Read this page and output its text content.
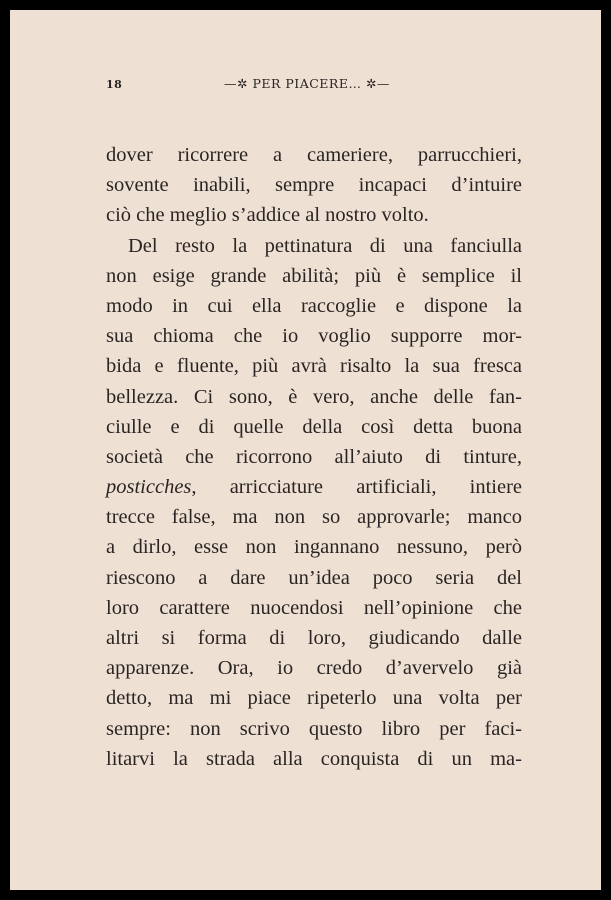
18	—✲ PER PIACERE… ✲—
dover ricorrere a cameriere, parrucchieri,
sovente inabili, sempre incapaci d’intuire
ciò che meglio s’addice al nostro volto.
Del resto la pettinatura di una fanciulla
non esige grande abilità; più è semplice il
modo in cui ella raccoglie e dispone la
sua chioma che io voglio supporre mor-
bida e fluente, più avrà risalto la sua fresca
bellezza. Ci sono, è vero, anche delle fan-
ciulle e di quelle della così detta buona
società che ricorrono all’aiuto di tinture,
posticches, arricciature artificiali, intiere
trecce false, ma non so approvarle; manco
a dirlo, esse non ingannano nessuno, però
riescono a dare un’idea poco seria del
loro carattere nuocendosi nell’opinione che
altri si forma di loro, giudicando dalle
apparenze. Ora, io credo d’avervelo già
detto, ma mi piace ripeterlo una volta per
sempre: non scrivo questo libro per faci-
litarvi la strada alla conquista di un ma-
